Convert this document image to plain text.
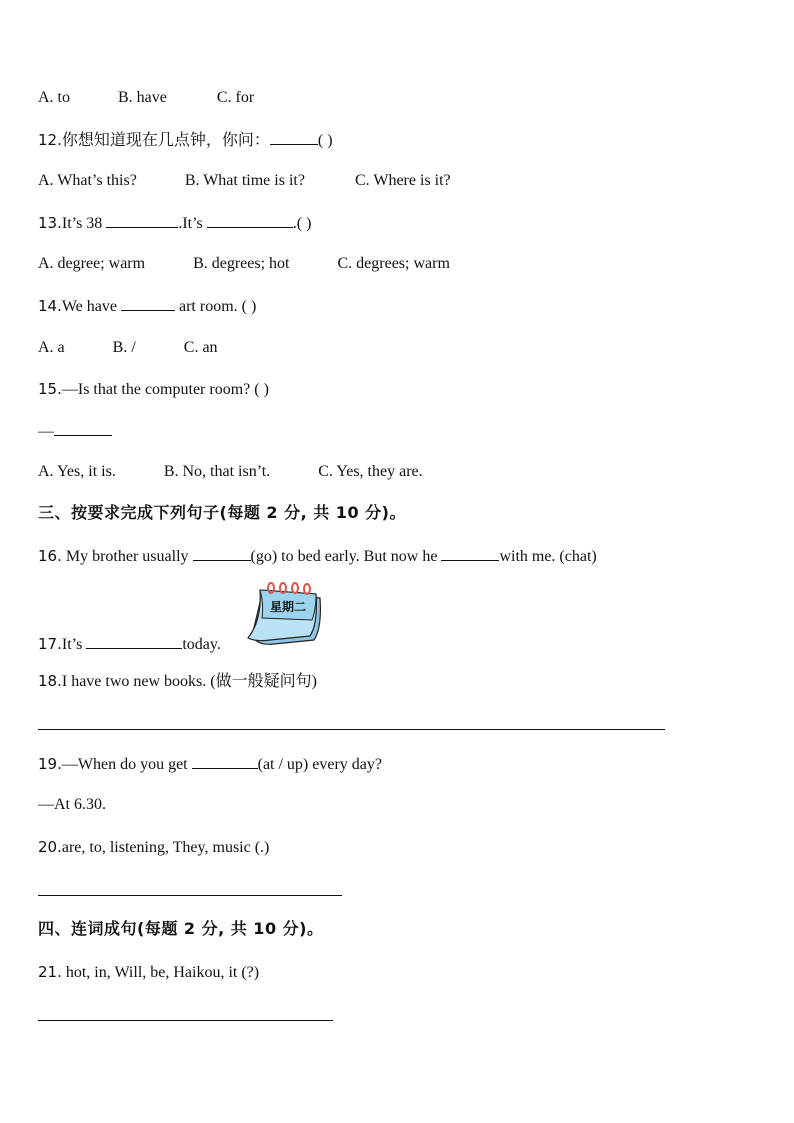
A. to	B. have	C. for
12.你想知道现在几点钟，你问：	( )
A. What’s this?	B. What time is it?	C. Where is it?
13.It’s 38	.It’s	.( )
A. degree; warm	B. degrees; hot	C. degrees; warm
14.We have	art room. ( )
A. a	B. /	C. an
15.—Is that the computer room? ( )
—
A. Yes, it is.	B. No, that isn’t.	C. Yes, they are.
三、按要求完成下列句子(每题 2 分, 共 10 分)。
16. My brother usually	(go) to bed early. But now he	with me. (chat)
星期二
17.It’s	today.
18.I have two new books. (做一般疑问句)
19.—When do you get	(at / up) every day?
—At 6.30.
20.are, to, listening, They, music (.)
四、连词成句(每题 2 分, 共 10 分)。
21. hot, in, Will, be, Haikou, it (?)
